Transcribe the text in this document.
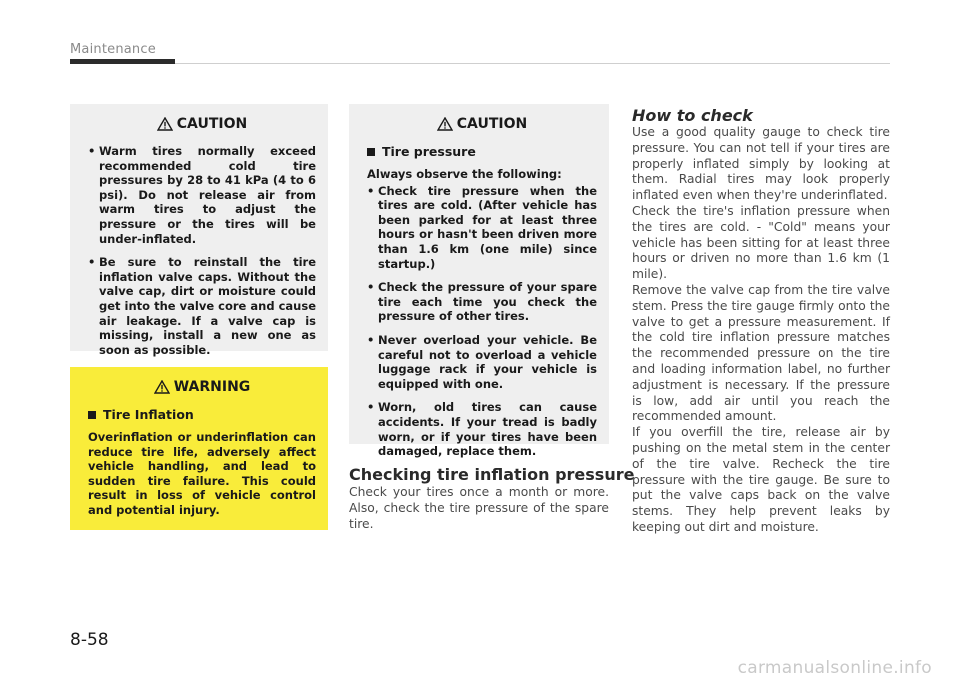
Maintenance
CAUTION
• Warm tires normally exceed recommended cold tire pressures by 28 to 41 kPa (4 to 6 psi). Do not release air from warm tires to adjust the pressure or the tires will be under-inflated.
• Be sure to reinstall the tire inflation valve caps. Without the valve cap, dirt or moisture could get into the valve core and cause air leakage. If a valve cap is missing, install a new one as soon as possible.
WARNING
Tire Inflation

Overinflation or underinflation can reduce tire life, adversely affect vehicle handling, and lead to sudden tire failure. This could result in loss of vehicle control and potential injury.

CAUTION
Tire pressure

Always observe the following:

• Check tire pressure when the tires are cold. (After vehicle has been parked for at least three hours or hasn't been driven more than 1.6 km (one mile) since startup.)
• Check the pressure of your spare tire each time you check the pressure of other tires.
• Never overload your vehicle. Be careful not to overload a vehicle luggage rack if your vehicle is equipped with one.
• Worn, old tires can cause accidents. If your tread is badly worn, or if your tires have been damaged, replace them.
Checking tire inflation pressure

Check your tires once a month or more. Also, check the tire pressure of the spare tire.

How to check

Use a good quality gauge to check tire pressure. You can not tell if your tires are properly inflated simply by looking at them. Radial tires may look properly inflated even when they're underinflated.

Check the tire's inflation pressure when the tires are cold. - "Cold" means your vehicle has been sitting for at least three hours or driven no more than 1.6 km (1 mile).

Remove the valve cap from the tire valve stem. Press the tire gauge firmly onto the valve to get a pressure measurement. If the cold tire inflation pressure matches the recommended pressure on the tire and loading information label, no further adjustment is necessary. If the pressure is low, add air until you reach the recommended amount.

If you overfill the tire, release air by pushing on the metal stem in the center of the tire valve. Recheck the tire pressure with the tire gauge. Be sure to put the valve caps back on the valve stems. They help prevent leaks by keeping out dirt and moisture.

8-58
carmanualsonline.info
